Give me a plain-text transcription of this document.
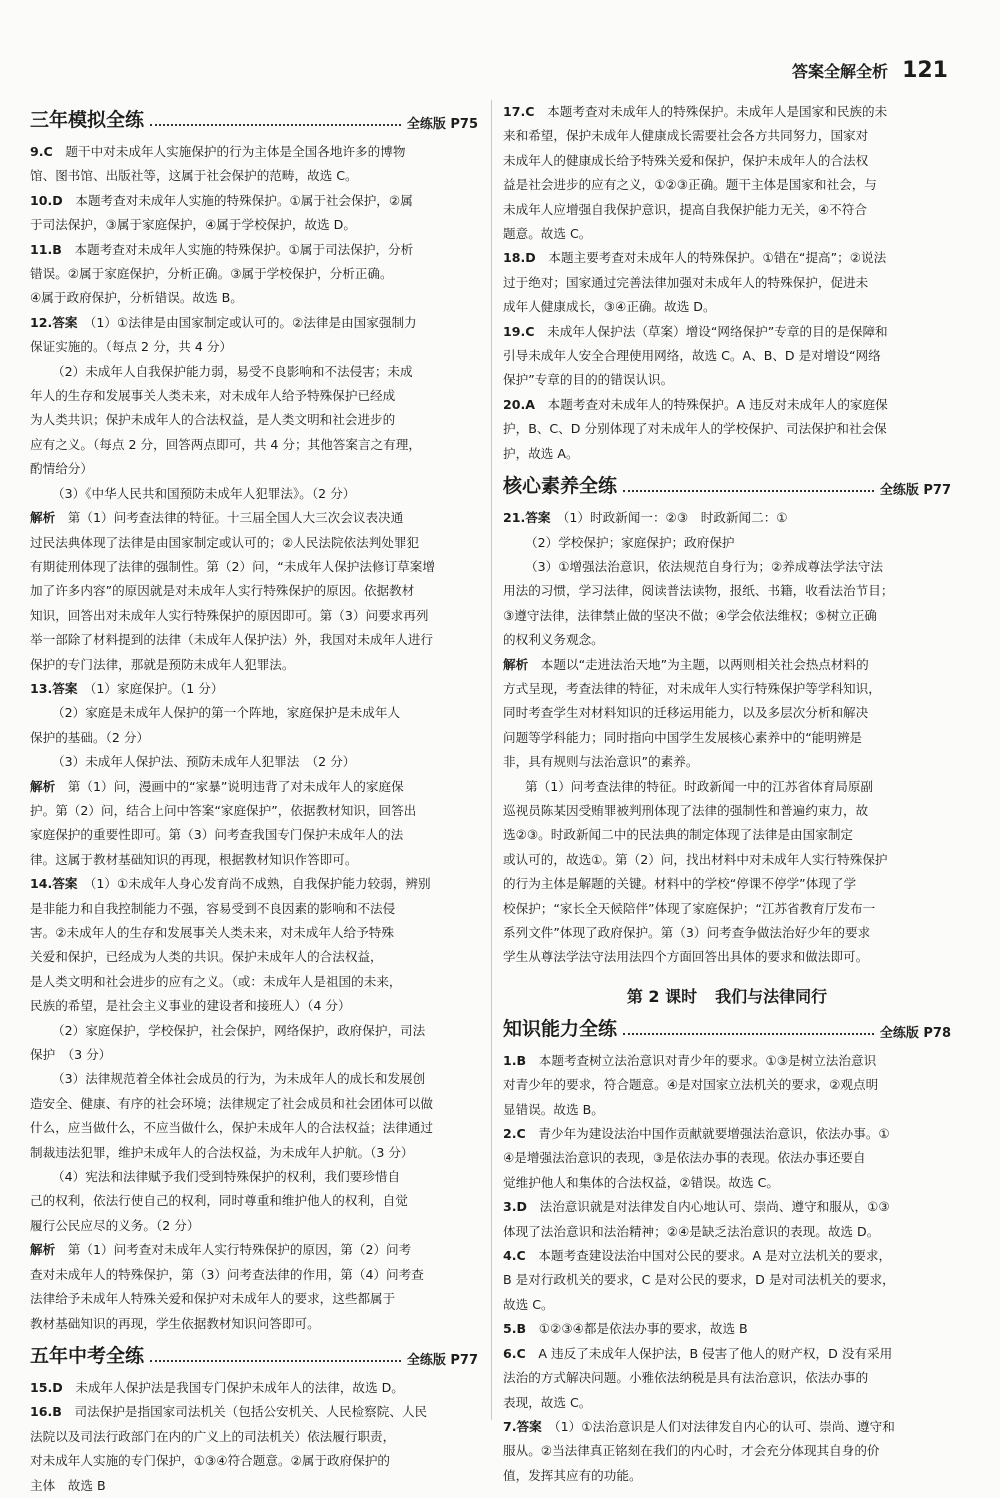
答案全解全析 121
三年模拟全练	全练版 P75

9.C　 题干中对未成年人实施保护的行为主体是全国各地许多的博物

馆、图书馆、出版社等，这属于社会保护的范畴，故选 C。

10.D　 本题考查对未成年人实施的特殊保护。①属于社会保护，②属

于司法保护，③属于家庭保护，④属于学校保护，故选 D。

11.B　 本题考查对未成年人实施的特殊保护。①属于司法保护，分析

错误。②属于家庭保护，分析正确。③属于学校保护，分析正确。

④属于政府保护，分析错误。故选 B。

12.答案　 （1）①法律是由国家制定或认可的。②法律是由国家强制力

保证实施的。（每点 2 分，共 4 分）

（2）未成年人自我保护能力弱，易受不良影响和不法侵害；未成

年人的生存和发展事关人类未来，对未成年人给予特殊保护已经成

为人类共识；保护未成年人的合法权益，是人类文明和社会进步的

应有之义。（每点 2 分，回答两点即可，共 4 分；其他答案言之有理，

酌情给分）

（3）《中华人民共和国预防未成年人犯罪法》。（2 分）

解析　 第（1）问考查法律的特征。十三届全国人大三次会议表决通

过民法典体现了法律是由国家制定或认可的；②人民法院依法判处罪犯

有期徒刑体现了法律的强制性。第（2）问，“未成年人保护法修订草案增

加了许多内容”的原因就是对未成年人实行特殊保护的原因。依据教材

知识，回答出对未成年人实行特殊保护的原因即可。第（3）问要求再列

举一部除了材料提到的法律（未成年人保护法）外，我国对未成年人进行

保护的专门法律，那就是预防未成年人犯罪法。

13.答案　 （1）家庭保护。（1 分）

（2）家庭是未成年人保护的第一个阵地，家庭保护是未成年人

保护的基础。（2 分）

（3）未成年人保护法、预防未成年人犯罪法　（2 分）

解析　 第（1）问，漫画中的“家暴”说明违背了对未成年人的家庭保

护。第（2）问，结合上问中答案“家庭保护”，依据教材知识，回答出

家庭保护的重要性即可。第（3）问考查我国专门保护未成年人的法

律。这属于教材基础知识的再现，根据教材知识作答即可。

14.答案　 （1）①未成年人身心发育尚不成熟，自我保护能力较弱，辨别

是非能力和自我控制能力不强，容易受到不良因素的影响和不法侵

害。②未成年人的生存和发展事关人类未来，对未成年人给予特殊

关爱和保护，已经成为人类的共识。保护未成年人的合法权益，

是人类文明和社会进步的应有之义。（或：未成年人是祖国的未来，

民族的希望，是社会主义事业的建设者和接班人）（4 分）

（2）家庭保护，学校保护，社会保护，网络保护，政府保护，司法

保护　（3 分）

（3）法律规范着全体社会成员的行为，为未成年人的成长和发展创

造安全、健康、有序的社会环境；法律规定了社会成员和社会团体可以做

什么，应当做什么，不应当做什么，保护未成年人的合法权益；法律通过

制裁违法犯罪，维护未成年人的合法权益，为未成年人护航。（3 分）

（4）宪法和法律赋予我们受到特殊保护的权利，我们要珍惜自

己的权利，依法行使自己的权利，同时尊重和维护他人的权利，自觉

履行公民应尽的义务。（2 分）

解析　 第（1）问考查对未成年人实行特殊保护的原因，第（2）问考

查对未成年人的特殊保护，第（3）问考查法律的作用，第（4）问考查

法律给予未成年人特殊关爱和保护对未成年人的要求，这些都属于

教材基础知识的再现，学生依据教材知识问答即可。

五年中考全练	全练版 P77

15.D　 未成年人保护法是我国专门保护未成年人的法律，故选 D。

16.B　 司法保护是指国家司法机关（包括公安机关、人民检察院、人民

法院以及司法行政部门在内的广义上的司法机关）依法履行职责，

对未成年人实施的专门保护，①③④符合题意。②属于政府保护的

主体　故选 B

17.C　 本题考查对未成年人的特殊保护。未成年人是国家和民族的未

来和希望，保护未成年人健康成长需要社会各方共同努力，国家对

未成年人的健康成长给予特殊关爱和保护，保护未成年人的合法权

益是社会进步的应有之义，①②③正确。题干主体是国家和社会，与

未成年人应增强自我保护意识，提高自我保护能力无关，④不符合

题意。故选 C。

18.D　 本题主要考查对未成年人的特殊保护。①错在“提高”；②说法

过于绝对；国家通过完善法律加强对未成年人的特殊保护，促进未

成年人健康成长，③④正确。故选 D。

19.C　 未成年人保护法（草案）增设“网络保护”专章的目的是保障和

引导未成年人安全合理使用网络，故选 C。A、B、D 是对增设“网络

保护”专章的目的的错误认识。

20.A　 本题考查对未成年人的特殊保护。A 违反对未成年人的家庭保

护，B、C、D 分别体现了对未成年人的学校保护、司法保护和社会保

护，故选 A。

核心素养全练	全练版 P77

21.答案　 （1）时政新闻一：②③　时政新闻二：①

（2）学校保护；家庭保护；政府保护

（3）①增强法治意识，依法规范自身行为；②养成尊法学法守法

用法的习惯，学习法律，阅读普法读物，报纸、书籍，收看法治节目；

③遵守法律，法律禁止做的坚决不做；④学会依法维权；⑤树立正确

的权利义务观念。

解析　 本题以“走进法治天地”为主题，以两则相关社会热点材料的

方式呈现，考查法律的特征，对未成年人实行特殊保护等学科知识，

同时考查学生对材料知识的迁移运用能力，以及多层次分析和解决

问题等学科能力；同时指向中国学生发展核心素养中的“能明辨是

非，具有规则与法治意识”的素养。

第（1）问考查法律的特征。时政新闻一中的江苏省体育局原副

巡视员陈某因受贿罪被判刑体现了法律的强制性和普遍约束力，故

选②③。时政新闻二中的民法典的制定体现了法律是由国家制定

或认可的，故选①。第（2）问，找出材料中对未成年人实行特殊保护

的行为主体是解题的关键。材料中的学校“停课不停学”体现了学

校保护；“家长全天候陪伴”体现了家庭保护；“江苏省教育厅发布一

系列文件”体现了政府保护。第（3）问考查争做法治好少年的要求

学生从尊法学法守法用法四个方面回答出具体的要求和做法即可。

第 2 课时 我们与法律同行
知识能力全练	全练版 P78

1.B　 本题考查树立法治意识对青少年的要求。①③是树立法治意识

对青少年的要求，符合题意。④是对国家立法机关的要求，②观点明

显错误。故选 B。

2.C　 青少年为建设法治中国作贡献就要增强法治意识，依法办事。①

④是增强法治意识的表现，③是依法办事的表现。依法办事还要自

觉维护他人和集体的合法权益，②错误。故选 C。

3.D　 法治意识就是对法律发自内心地认可、崇尚、遵守和服从，①③

体现了法治意识和法治精神；②④是缺乏法治意识的表现。故选 D。

4.C　 本题考查建设法治中国对公民的要求。A 是对立法机关的要求，

B 是对行政机关的要求，C 是对公民的要求，D 是对司法机关的要求，

故选 C。

5.B　 ①②③④都是依法办事的要求，故选 B

6.C　 A 违反了未成年人保护法，B 侵害了他人的财产权，D 没有采用

法治的方式解决问题。小雅依法纳税是具有法治意识，依法办事的

表现，故选 C。

7.答案　 （1）①法治意识是人们对法律发自内心的认可、崇尚、遵守和

服从。②当法律真正铭刻在我们的内心时，才会充分体现其自身的价

值，发挥其应有的功能。
